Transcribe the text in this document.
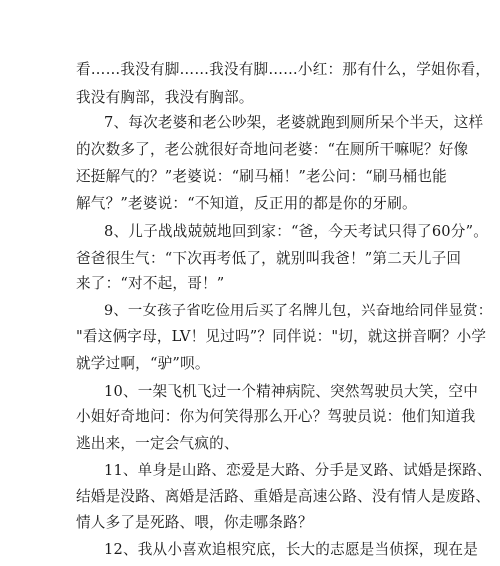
看……我没有脚……我没有脚……小红：那有什么，学姐你看，
我没有胸部，我没有胸部。
7、每次老婆和老公吵架，老婆就跑到厕所呆个半天，这样
的次数多了，老公就很好奇地问老婆：“在厕所干嘛呢？好像
还挺解气的？”老婆说：“刷马桶！”老公问：“刷马桶也能
解气？”老婆说：“不知道，反正用的都是你的牙刷。
8、儿子战战兢兢地回到家：“爸，今天考试只得了60分”。
爸爸很生气：“下次再考低了，就别叫我爸！”第二天儿子回
来了：“对不起，哥！”
9、一女孩子省吃俭用后买了名牌儿包，兴奋地给同伴显赏：
"看这俩字母，LV！见过吗”？同伴说："切，就这拼音啊？小学
就学过啊，“驴”呗。
10、一架飞机飞过一个精神病院、突然驾驶员大笑，空中
小姐好奇地问：你为何笑得那么开心？驾驶员说：他们知道我
逃出来，一定会气疯的、
11、单身是山路、恋爱是大路、分手是叉路、试婚是探路、
结婚是没路、离婚是活路、重婚是高速公路、没有情人是废路、
情人多了是死路、喂，你走哪条路？
12、我从小喜欢追根究底，长大的志愿是当侦探，现在是
